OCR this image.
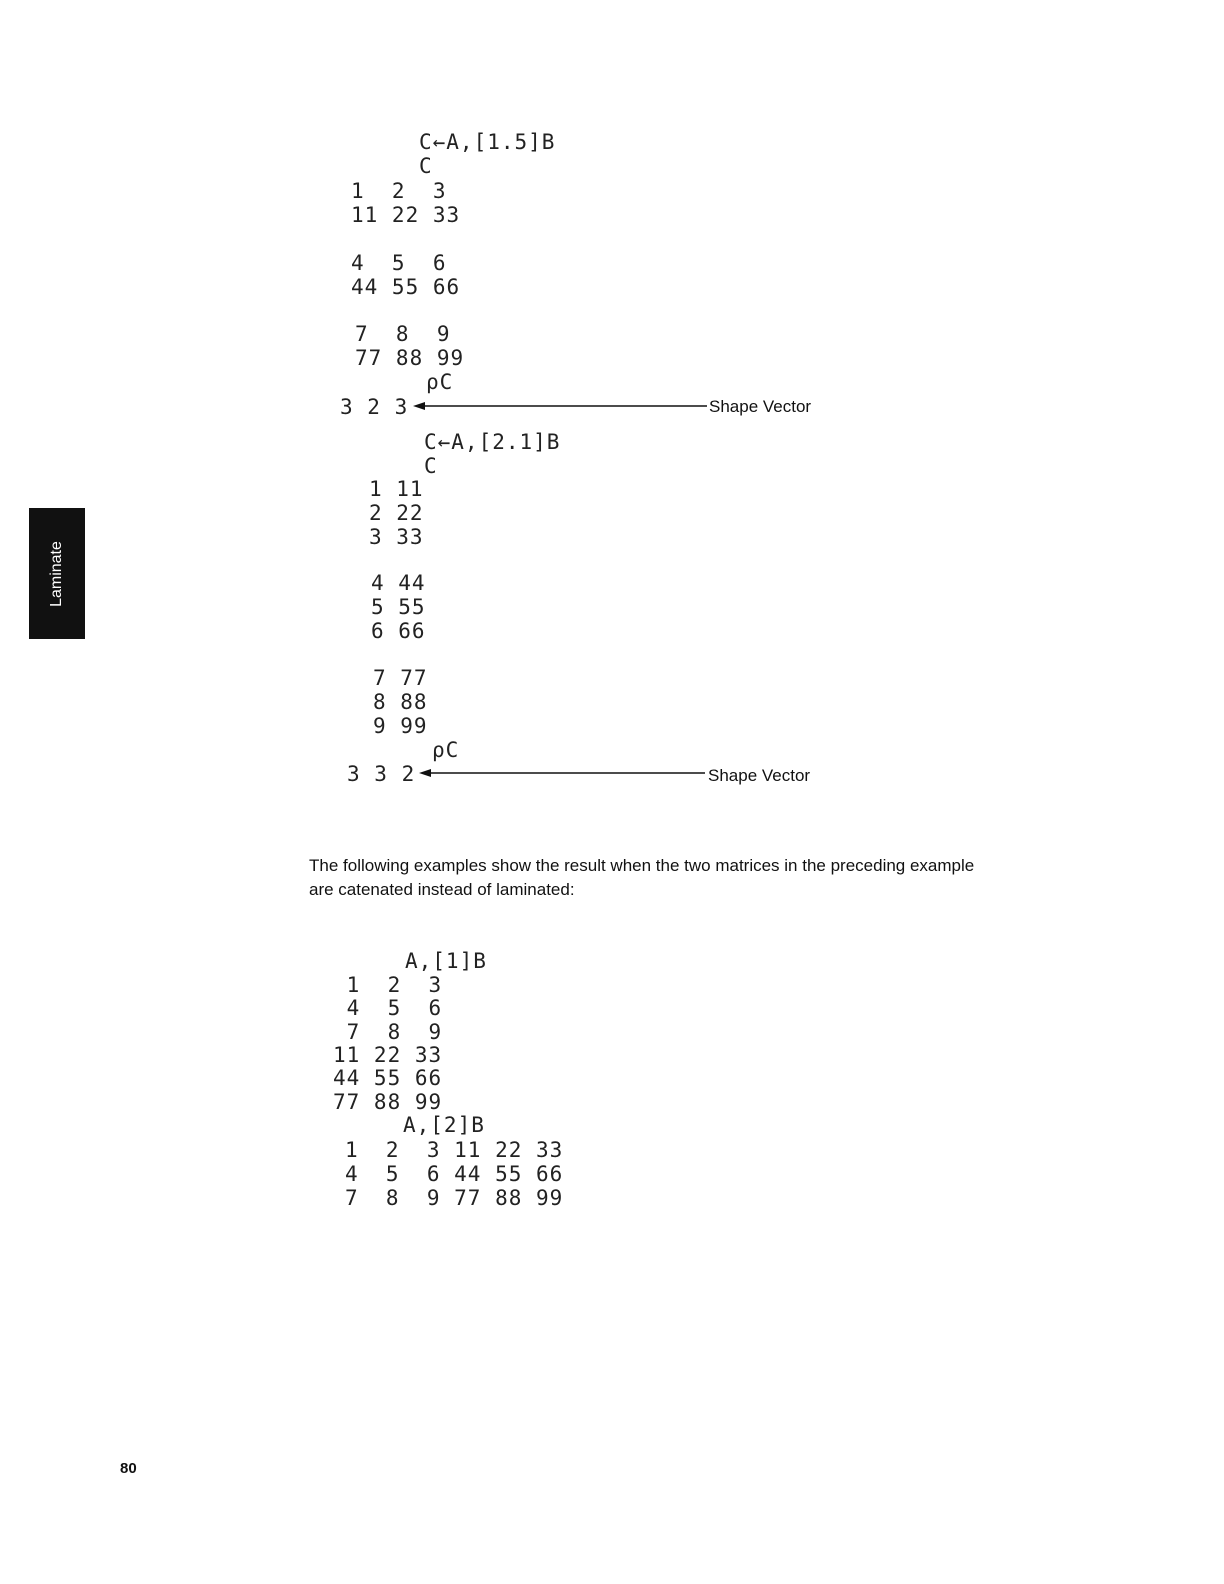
Laminate
C←A,[1.5]B
C
1  2  3
11 22 33
4  5  6
44 55 66
7  8  9
77 88 99
⍴C
3 2 3	Shape Vector
C←A,[2.1]B
C
1 11
2 22
3 33
4 44
5 55
6 66
7 77
8 88
9 99
⍴C
3 3 2	Shape Vector
The following examples show the result when the two matrices in the preceding example
are catenated instead of laminated:
A,[1]B
1  2  3
4  5  6
7  8  9
11 22 33
44 55 66
77 88 99
A,[2]B
1  2  3 11 22 33
4  5  6 44 55 66
7  8  9 77 88 99
80
